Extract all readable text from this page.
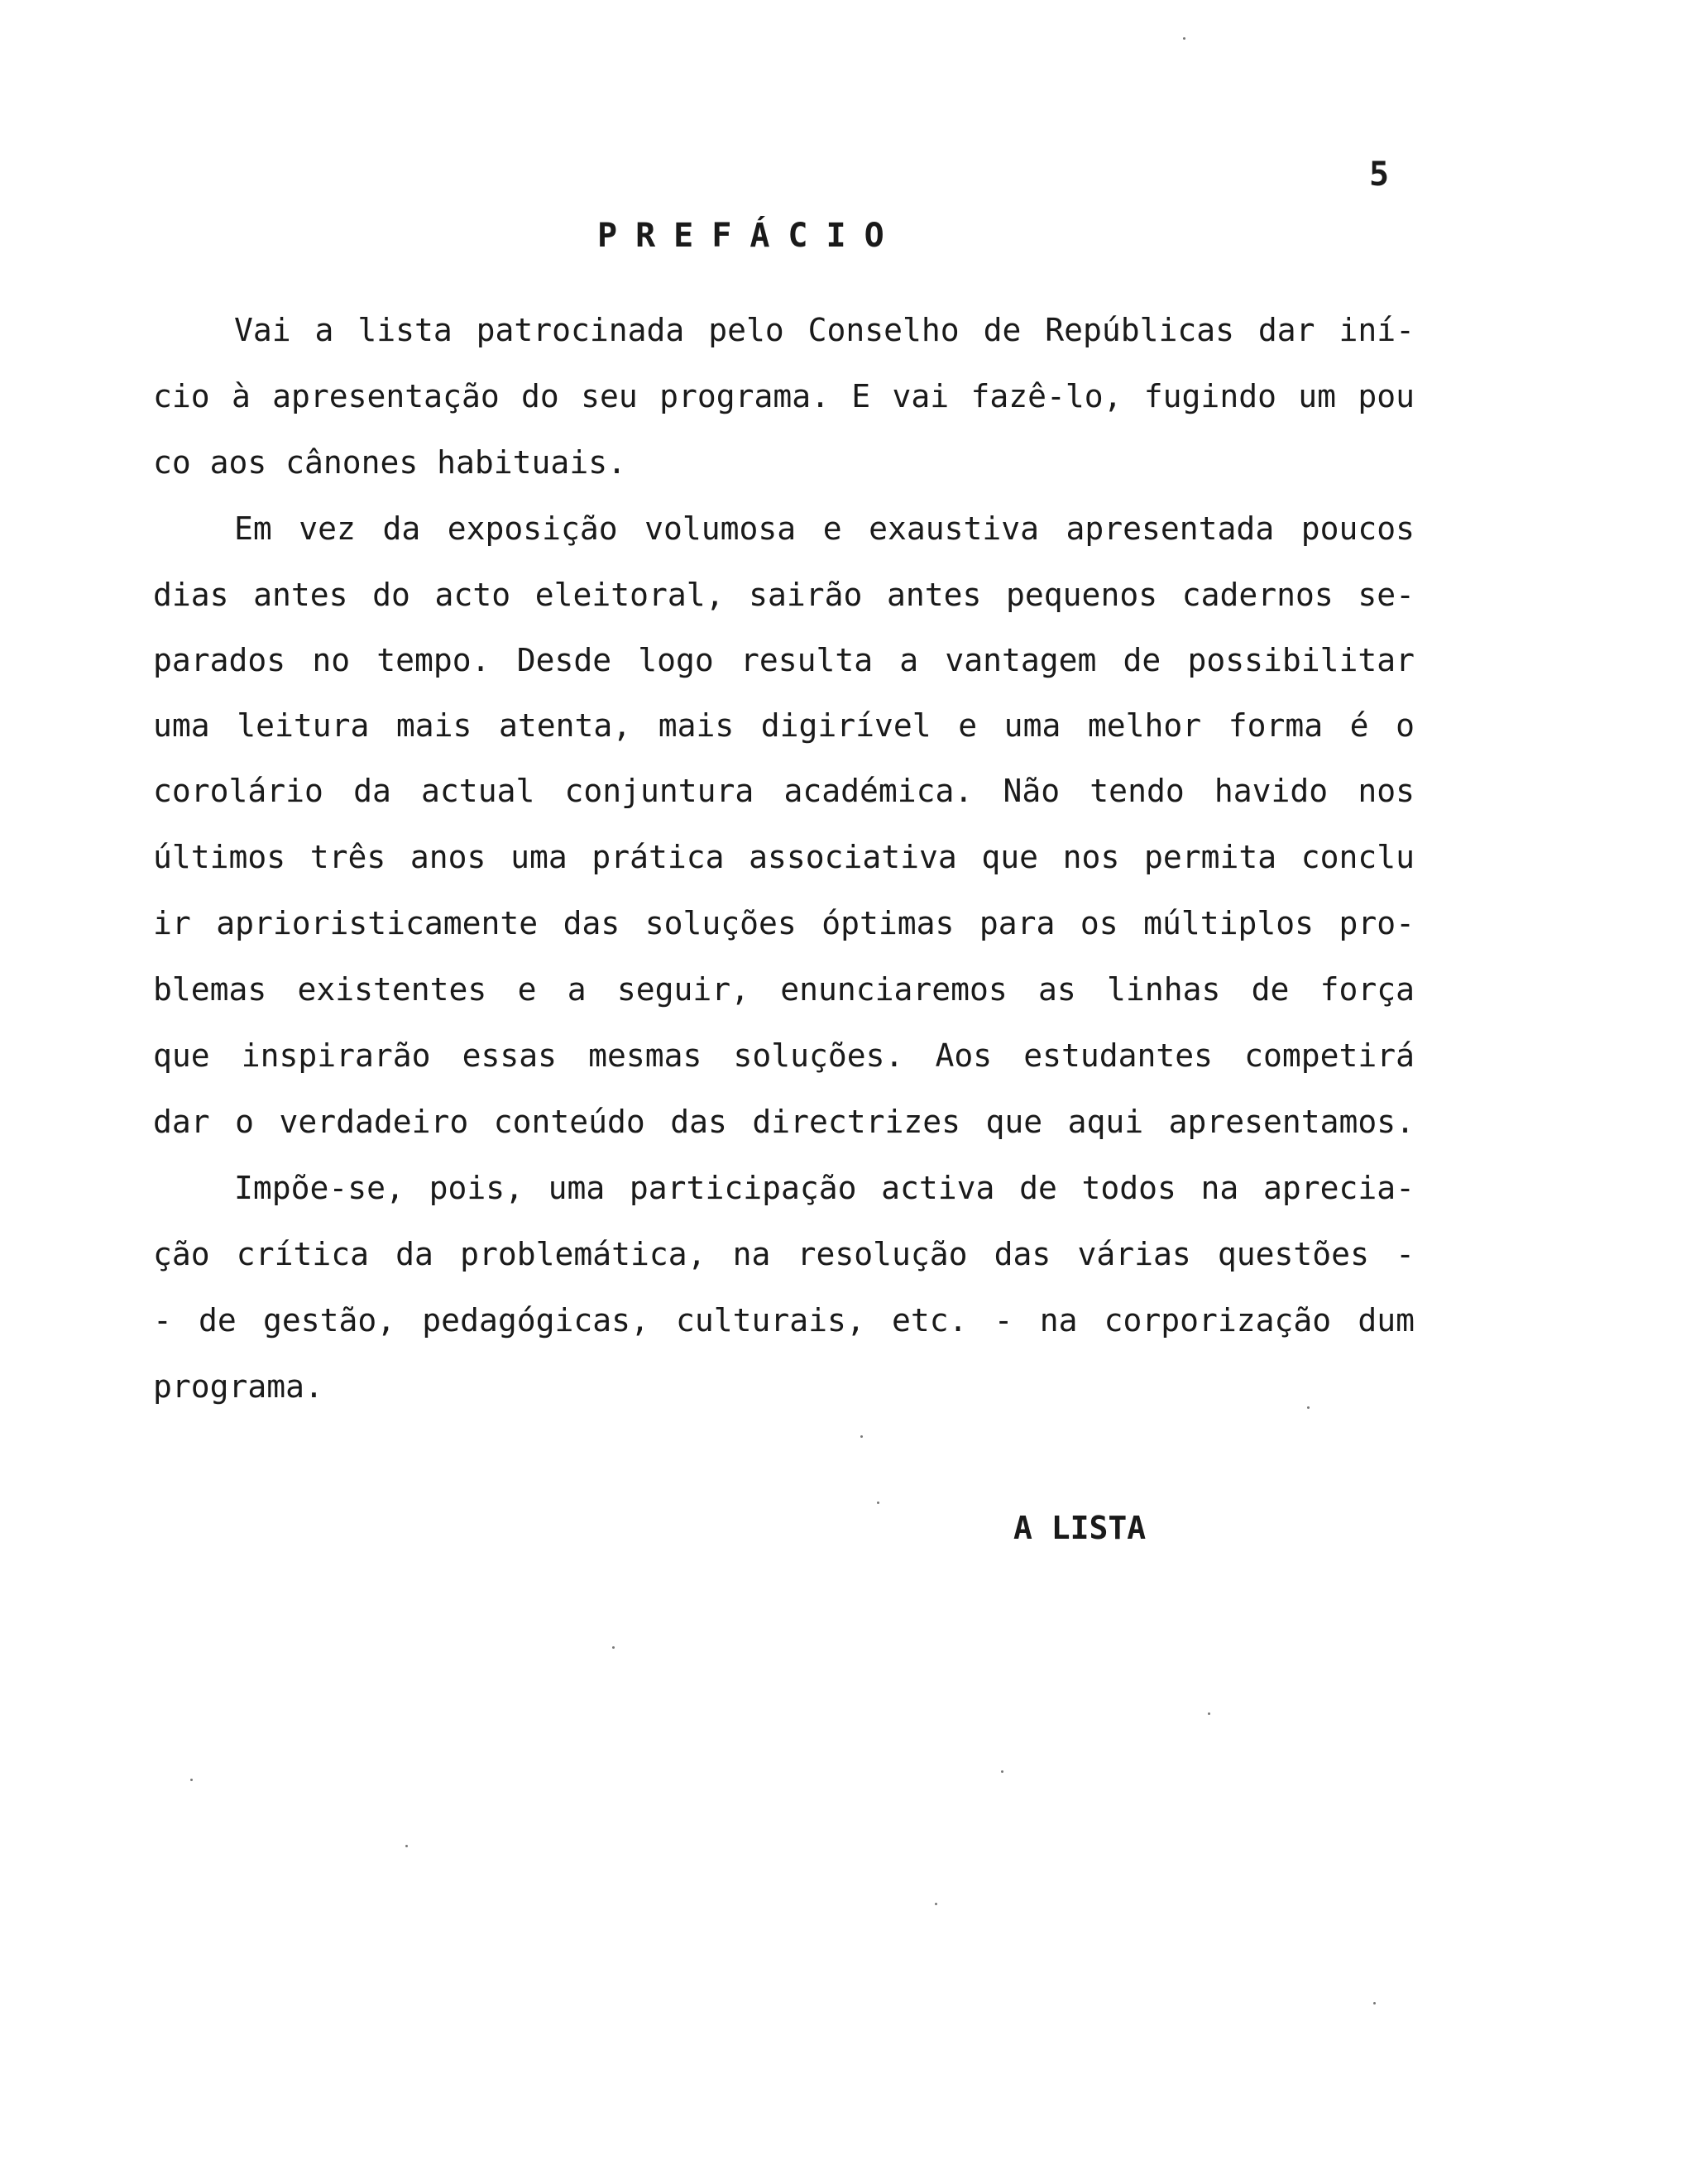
5
PREFÁCIO
Vai a lista patrocinada pelo Conselho de Repúblicas dar iní-
cio à apresentação do seu programa. E vai fazê-lo, fugindo um pou
co aos cânones habituais.
Em vez da exposição volumosa e exaustiva apresentada poucos
dias antes do acto eleitoral, sairão antes pequenos cadernos se-
parados no tempo. Desde logo resulta a vantagem de possibilitar
uma leitura mais atenta, mais digirível e uma melhor forma é o
corolário da actual conjuntura académica. Não tendo havido nos
últimos três anos uma prática associativa que nos permita conclu
ir aprioristicamente das soluções óptimas para os múltiplos pro-
blemas existentes e a seguir, enunciaremos as linhas de força
que inspirarão essas mesmas soluções. Aos estudantes competirá
dar o verdadeiro conteúdo das directrizes que aqui apresentamos.
Impõe-se, pois, uma participação activa de todos na aprecia-
ção crítica da problemática, na resolução das várias questões -
- de gestão, pedagógicas, culturais, etc. - na corporização dum
programa.
A LISTA
